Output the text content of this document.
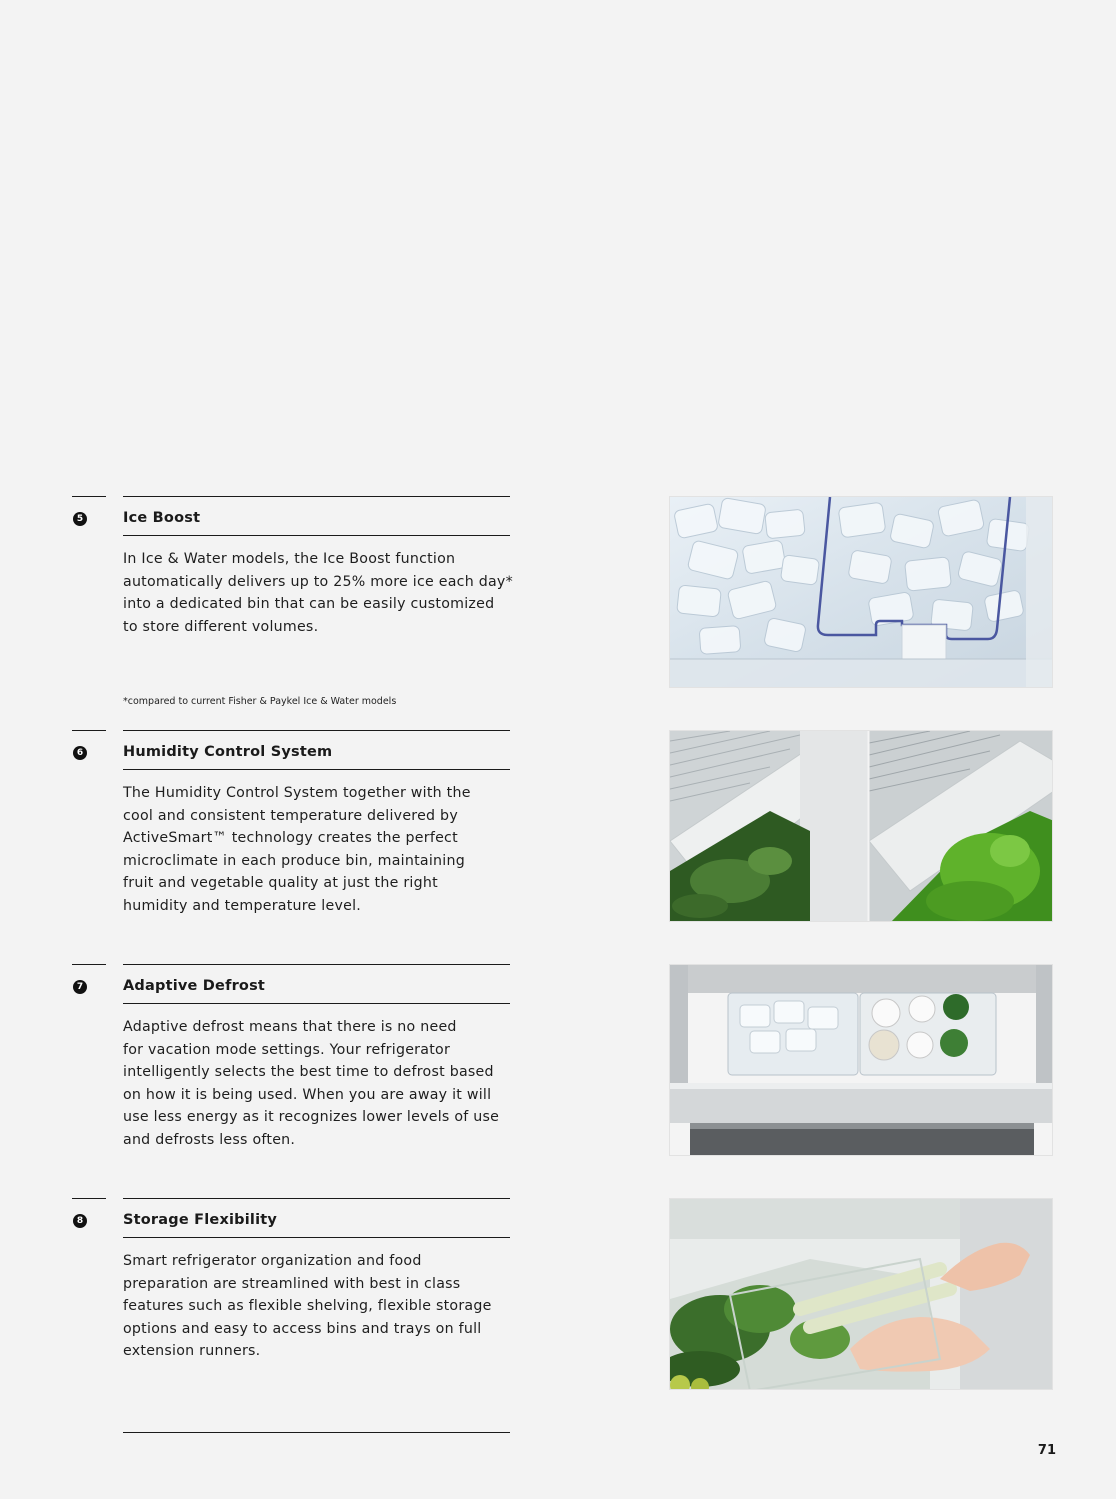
5	Ice Boost
In Ice & Water models, the Ice Boost function
automatically delivers up to 25% more ice each day*
into a dedicated bin that can be easily customized
to store different volumes.
*compared to current Fisher & Paykel Ice & Water models
6	Humidity Control System
The Humidity Control System together with the
cool and consistent temperature delivered by
ActiveSmart™ technology creates the perfect
microclimate in each produce bin, maintaining
fruit and vegetable quality at just the right
humidity and temperature level.
7	Adaptive Defrost
Adaptive defrost means that there is no need
for vacation mode settings. Your refrigerator
intelligently selects the best time to defrost based
on how it is being used. When you are away it will
use less energy as it recognizes lower levels of use
and defrosts less often.
8	Storage Flexibility
Smart refrigerator organization and food
preparation are streamlined with best in class
features such as flexible shelving, flexible storage
options and easy to access bins and trays on full
extension runners.
71
